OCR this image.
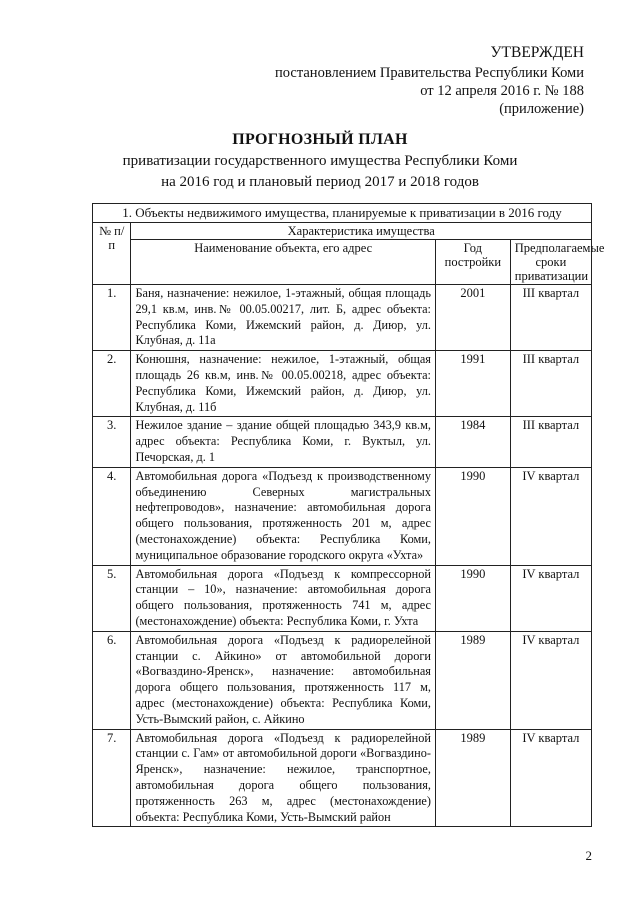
УТВЕРЖДЕН
постановлением Правительства Республики Коми
от 12 апреля 2016 г. № 188
(приложение)
ПРОГНОЗНЫЙ ПЛАН
приватизации государственного имущества Республики Коми
на 2016 год и плановый период 2017 и 2018 годов
1. Объекты недвижимого имущества, планируемые к приватизации в 2016 году			
№ п/п	Характеристика имущества		
	Наименование объекта, его адрес	Год постройки	Предполагаемые сроки приватизации
1.	Баня, назначение: нежилое, 1-этажный, общая площадь 29,1 кв.м, инв.№ 00.05.00217, лит. Б, адрес объекта: Республика Коми, Ижемский район, д. Диюр, ул. Клубная, д. 11а	2001	III квартал
2.	Конюшня, назначение: нежилое, 1-этажный, общая площадь 26 кв.м, инв.№ 00.05.00218, адрес объекта: Республика Коми, Ижемский район, д. Диюр, ул. Клубная, д. 11б	1991	III квартал
3.	Нежилое здание – здание общей площадью 343,9 кв.м, адрес объекта: Республика Коми, г. Вуктыл, ул. Печорская, д. 1	1984	III квартал
4.	Автомобильная дорога «Подъезд к производственному объединению Северных магистральных нефтепроводов», назначение: автомобильная дорога общего пользования, протяженность 201 м, адрес (местонахождение) объекта: Республика Коми, муниципальное образование городского округа «Ухта»	1990	IV квартал
5.	Автомобильная дорога «Подъезд к компрессорной станции – 10», назначение: автомобильная дорога общего пользования, протяженность 741 м, адрес (местонахождение) объекта: Республика Коми, г. Ухта	1990	IV квартал
6.	Автомобильная дорога «Подъезд к радиорелейной станции с. Айкино» от автомобильной дороги «Вогваздино-Яренск», назначение: автомобильная дорога общего пользования, протяженность 117 м, адрес (местонахождение) объекта: Республика Коми, Усть-Вымский район, с. Айкино	1989	IV квартал
7.	Автомобильная дорога «Подъезд к радиорелейной станции с. Гам» от автомобильной дороги «Вогваздино-Яренск», назначение: нежилое, транспортное, автомобильная дорога общего пользования, протяженность 263 м, адрес (местонахождение) объекта: Республика Коми, Усть-Вымский район	1989	IV квартал
2
